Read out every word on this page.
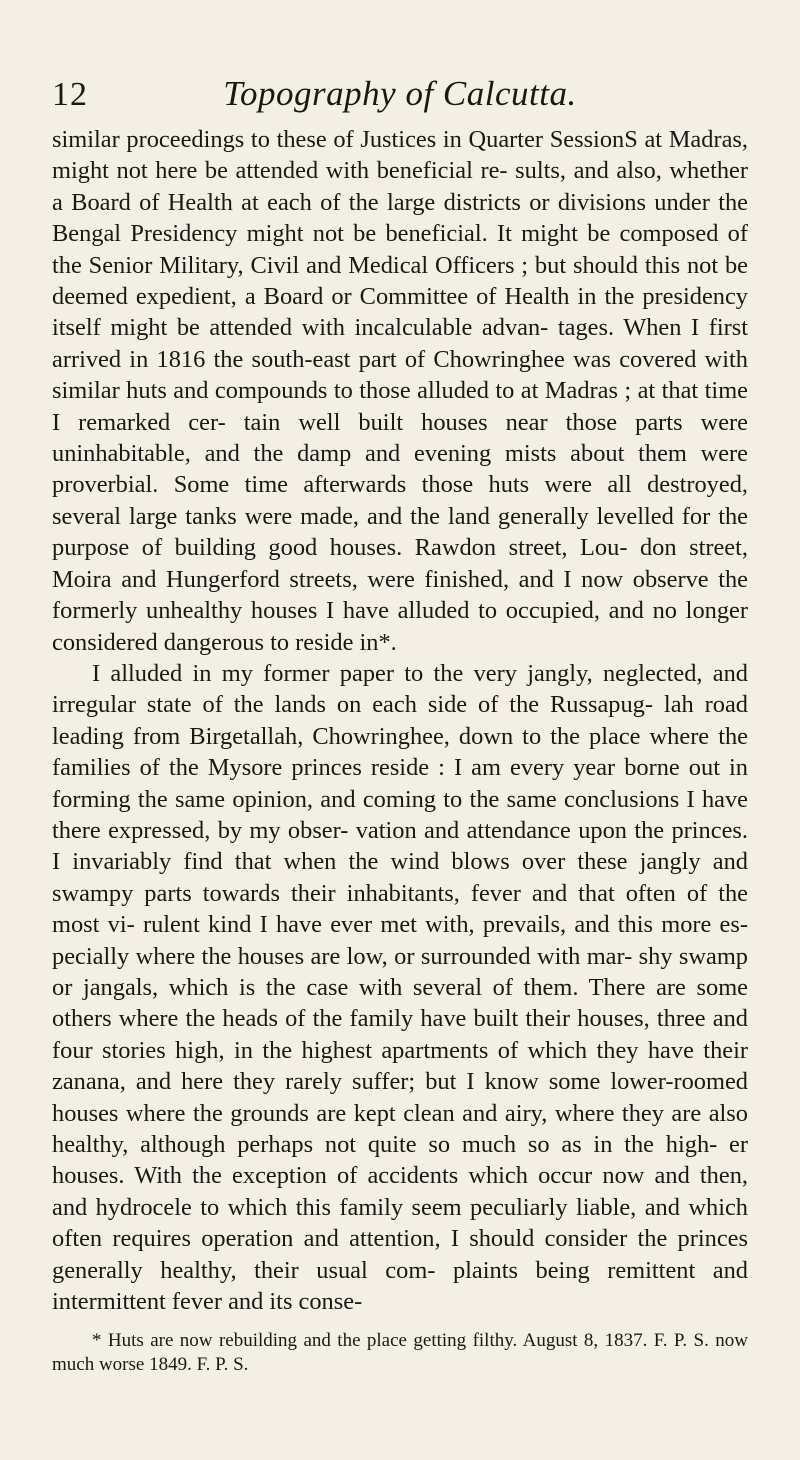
12	Topography of Calcutta.

similar proceedings to these of Justices in Quarter SessionS at Madras, might not here be attended with beneficial re- sults, and also, whether a Board of Health at each of the large districts or divisions under the Bengal Presidency might not be beneficial. It might be composed of the Senior Military, Civil and Medical Officers ; but should this not be deemed expedient, a Board or Committee of Health in the presidency itself might be attended with incalculable advan- tages. When I first arrived in 1816 the south-east part of Chowringhee was covered with similar huts and compounds to those alluded to at Madras ; at that time I remarked cer- tain well built houses near those parts were uninhabitable, and the damp and evening mists about them were proverbial. Some time afterwards those huts were all destroyed, several large tanks were made, and the land generally levelled for the purpose of building good houses. Rawdon street, Lou- don street, Moira and Hungerford streets, were finished, and I now observe the formerly unhealthy houses I have alluded to occupied, and no longer considered dangerous to reside in*.

I alluded in my former paper to the very jangly, neglected, and irregular state of the lands on each side of the Russapug- lah road leading from Birgetallah, Chowringhee, down to the place where the families of the Mysore princes reside : I am every year borne out in forming the same opinion, and coming to the same conclusions I have there expressed, by my obser- vation and attendance upon the princes. I invariably find that when the wind blows over these jangly and swampy parts towards their inhabitants, fever and that often of the most vi- rulent kind I have ever met with, prevails, and this more es- pecially where the houses are low, or surrounded with mar- shy swamp or jangals, which is the case with several of them. There are some others where the heads of the family have built their houses, three and four stories high, in the highest apartments of which they have their zanana, and here they rarely suffer; but I know some lower-roomed houses where the grounds are kept clean and airy, where they are also healthy, although perhaps not quite so much so as in the high- er houses. With the exception of accidents which occur now and then, and hydrocele to which this family seem peculiarly liable, and which often requires operation and attention, I should consider the princes generally healthy, their usual com- plaints being remittent and intermittent fever and its conse-

* Huts are now rebuilding and the place getting filthy. August 8, 1837. F. P. S. now much worse 1849. F. P. S.
